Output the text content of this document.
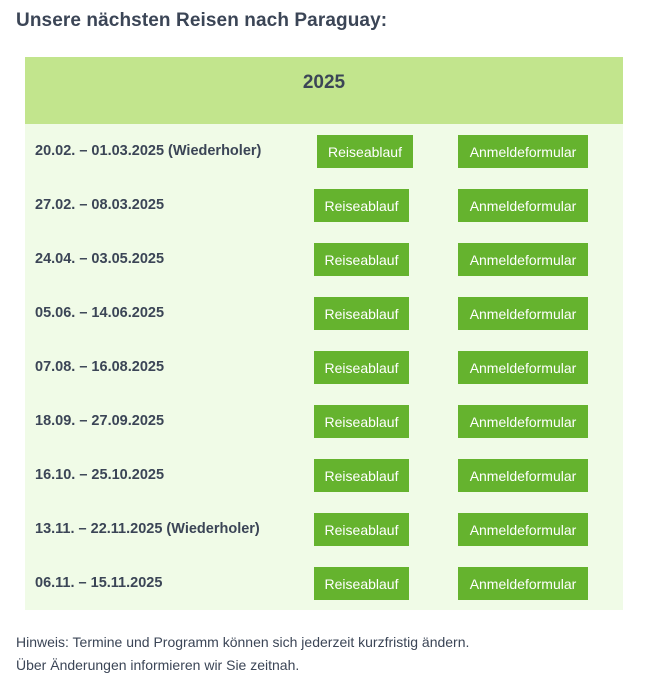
Unsere nächsten Reisen nach Paraguay:
2025
20.02. – 01.03.2025 (Wiederholer)	Reiseablauf	Anmeldeformular
27.02. – 08.03.2025	Reiseablauf	Anmeldeformular
24.04. – 03.05.2025	Reiseablauf	Anmeldeformular
05.06. – 14.06.2025	Reiseablauf	Anmeldeformular
07.08. – 16.08.2025	Reiseablauf	Anmeldeformular
18.09. – 27.09.2025	Reiseablauf	Anmeldeformular
16.10. – 25.10.2025	Reiseablauf	Anmeldeformular
13.11. – 22.11.2025 (Wiederholer)	Reiseablauf	Anmeldeformular
06.11. – 15.11.2025	Reiseablauf	Anmeldeformular
Hinweis: Termine und Programm können sich jederzeit kurzfristig ändern.
Über Änderungen informieren wir Sie zeitnah.
